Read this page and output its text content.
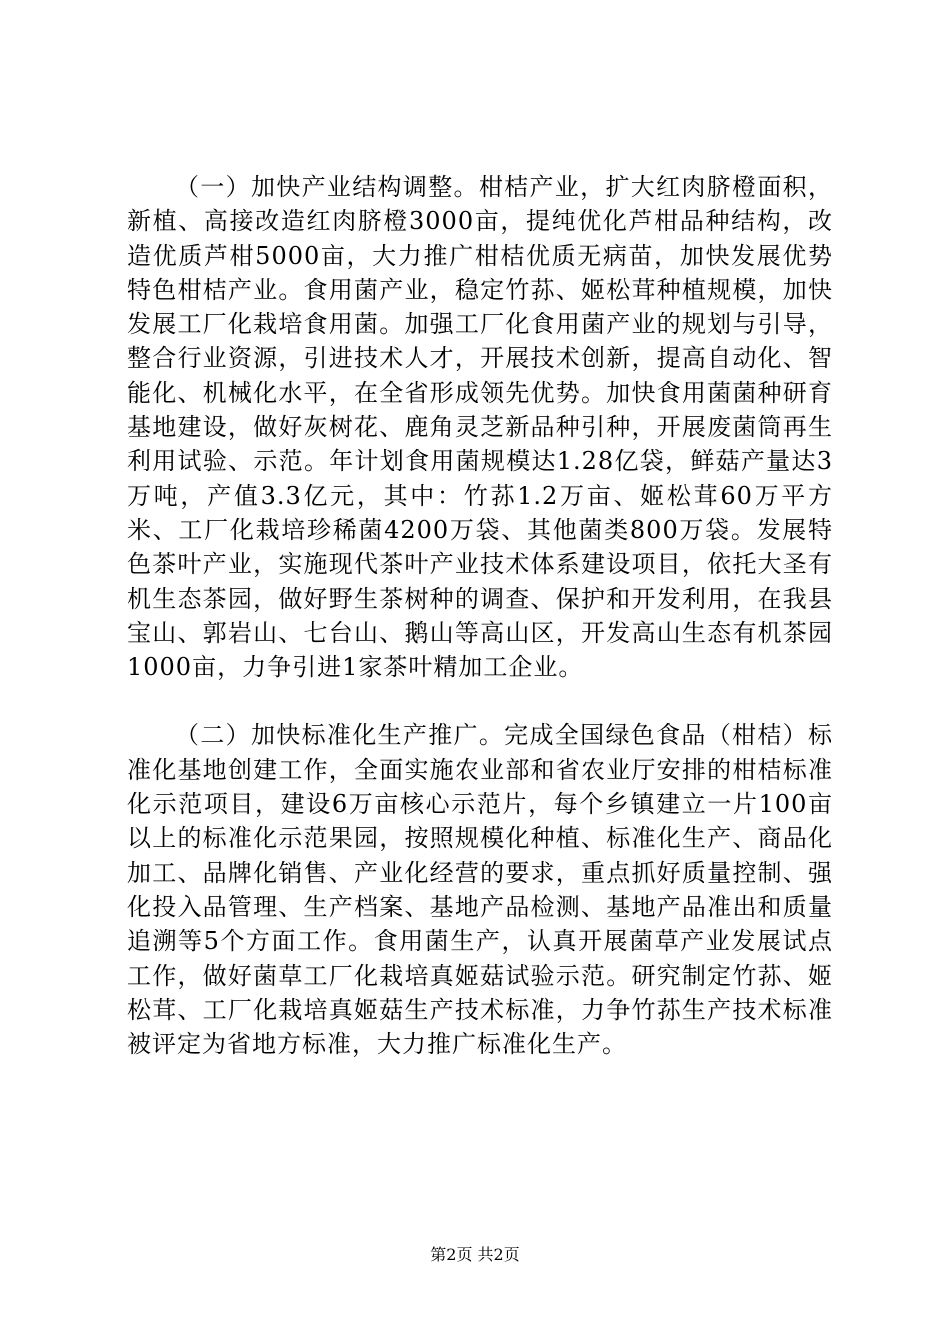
（一）加快产业结构调整。柑桔产业，扩大红肉脐橙面积，新植、高接改造红肉脐橙3000亩，提纯优化芦柑品种结构，改造优质芦柑5000亩，大力推广柑桔优质无病苗，加快发展优势特色柑桔产业。食用菌产业，稳定竹荪、姬松茸种植规模，加快发展工厂化栽培食用菌。加强工厂化食用菌产业的规划与引导，整合行业资源，引进技术人才，开展技术创新，提高自动化、智能化、机械化水平，在全省形成领先优势。加快食用菌菌种研育基地建设，做好灰树花、鹿角灵芝新品种引种，开展废菌筒再生利用试验、示范。年计划食用菌规模达1.28亿袋，鲜菇产量达3万吨，产值3.3亿元，其中：竹荪1.2万亩、姬松茸60万平方米、工厂化栽培珍稀菌4200万袋、其他菌类800万袋。发展特色茶叶产业，实施现代茶叶产业技术体系建设项目，依托大圣有机生态茶园，做好野生茶树种的调查、保护和开发利用，在我县宝山、郭岩山、七台山、鹅山等高山区，开发高山生态有机茶园1000亩，力争引进1家茶叶精加工企业。

（二）加快标准化生产推广。完成全国绿色食品（柑桔）标准化基地创建工作，全面实施农业部和省农业厅安排的柑桔标准化示范项目，建设6万亩核心示范片，每个乡镇建立一片100亩以上的标准化示范果园，按照规模化种植、标准化生产、商品化加工、品牌化销售、产业化经营的要求，重点抓好质量控制、强化投入品管理、生产档案、基地产品检测、基地产品准出和质量追溯等5个方面工作。食用菌生产，认真开展菌草产业发展试点工作，做好菌草工厂化栽培真姬菇试验示范。研究制定竹荪、姬松茸、工厂化栽培真姬菇生产技术标准，力争竹荪生产技术标准被评定为省地方标准，大力推广标准化生产。

第2页 共2页
